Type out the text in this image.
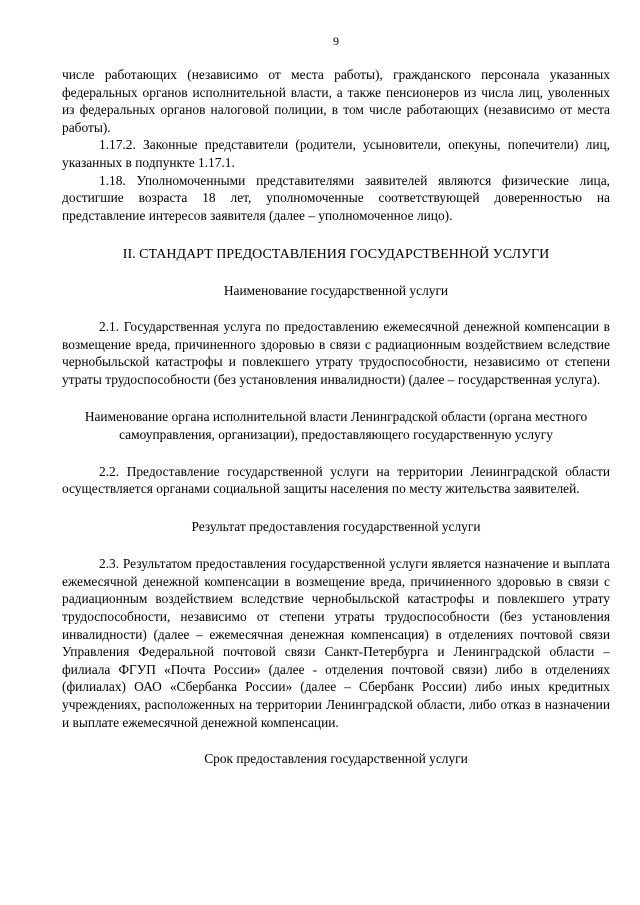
9

числе работающих (независимо от места работы), гражданского персонала указанных федеральных органов исполнительной власти, а также пенсионеров из числа лиц, уволенных из федеральных органов налоговой полиции, в том числе работающих (независимо от места работы).

1.17.2. Законные представители (родители, усыновители, опекуны, попечители) лиц, указанных в подпункте 1.17.1.

1.18. Уполномоченными представителями заявителей являются физические лица, достигшие возраста 18 лет, уполномоченные соответствующей доверенностью на представление интересов заявителя (далее – уполномоченное лицо).

II. СТАНДАРТ ПРЕДОСТАВЛЕНИЯ ГОСУДАРСТВЕННОЙ УСЛУГИ
Наименование государственной услуги

2.1. Государственная услуга по предоставлению ежемесячной денежной компенсации в возмещение вреда, причиненного здоровью в связи с радиационным воздействием вследствие чернобыльской катастрофы и повлекшего утрату трудоспособности, независимо от степени утраты трудоспособности (без установления инвалидности) (далее – государственная услуга).

Наименование органа исполнительной власти Ленинградской области (органа местного самоуправления, организации), предоставляющего государственную услугу

2.2. Предоставление государственной услуги на территории Ленинградской области осуществляется органами социальной защиты населения по месту жительства заявителей.

Результат предоставления государственной услуги

2.3. Результатом предоставления государственной услуги является назначение и выплата ежемесячной денежной компенсации в возмещение вреда, причиненного здоровью в связи с радиационным воздействием вследствие чернобыльской катастрофы и повлекшего утрату трудоспособности, независимо от степени утраты трудоспособности (без установления инвалидности) (далее – ежемесячная денежная компенсация) в отделениях почтовой связи Управления Федеральной почтовой связи Санкт-Петербурга и Ленинградской области – филиала ФГУП «Почта России» (далее - отделения почтовой связи) либо в отделениях (филиалах) ОАО «Сбербанка России» (далее – Сбербанк России) либо иных кредитных учреждениях, расположенных на территории Ленинградской области, либо отказ в назначении и выплате ежемесячной денежной компенсации.

Срок предоставления государственной услуги
